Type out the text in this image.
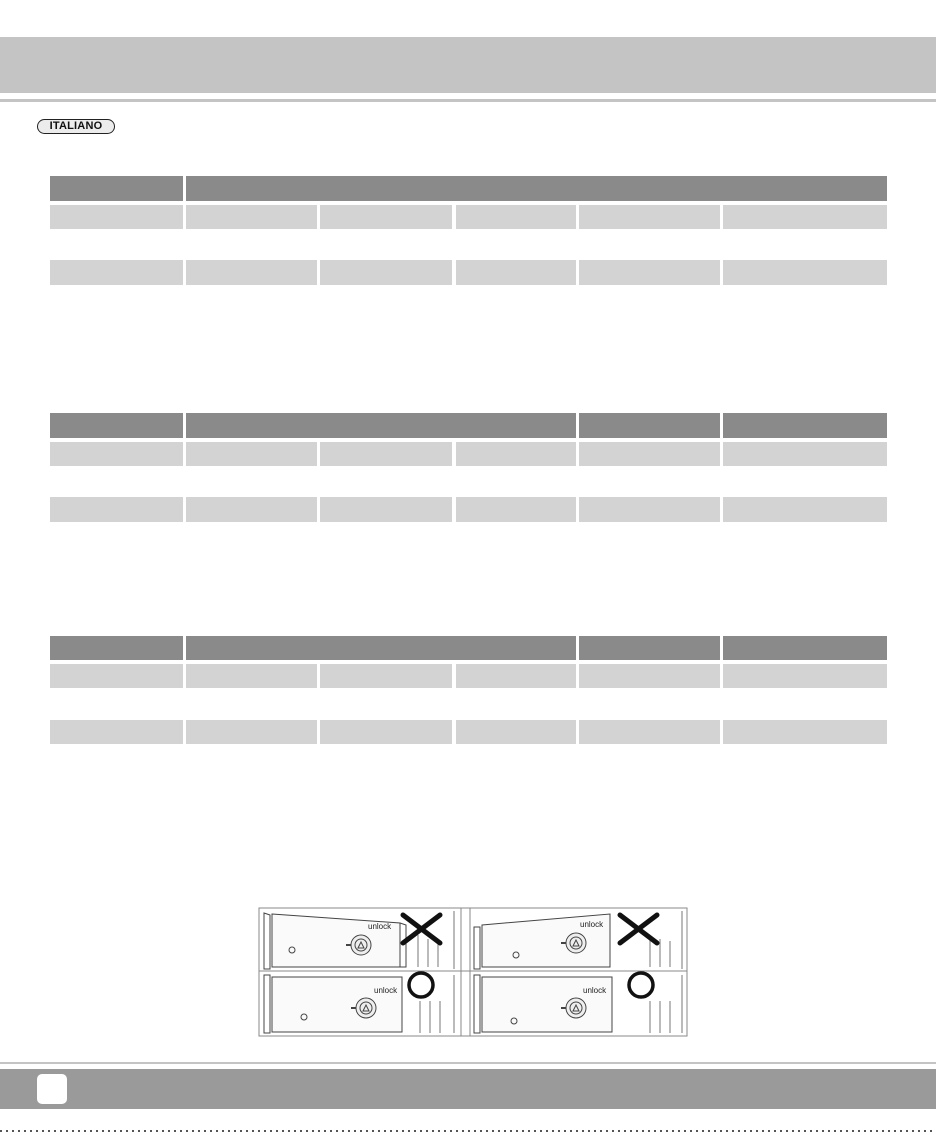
ITALIANO
unlock
unlock
unlock
unlock
